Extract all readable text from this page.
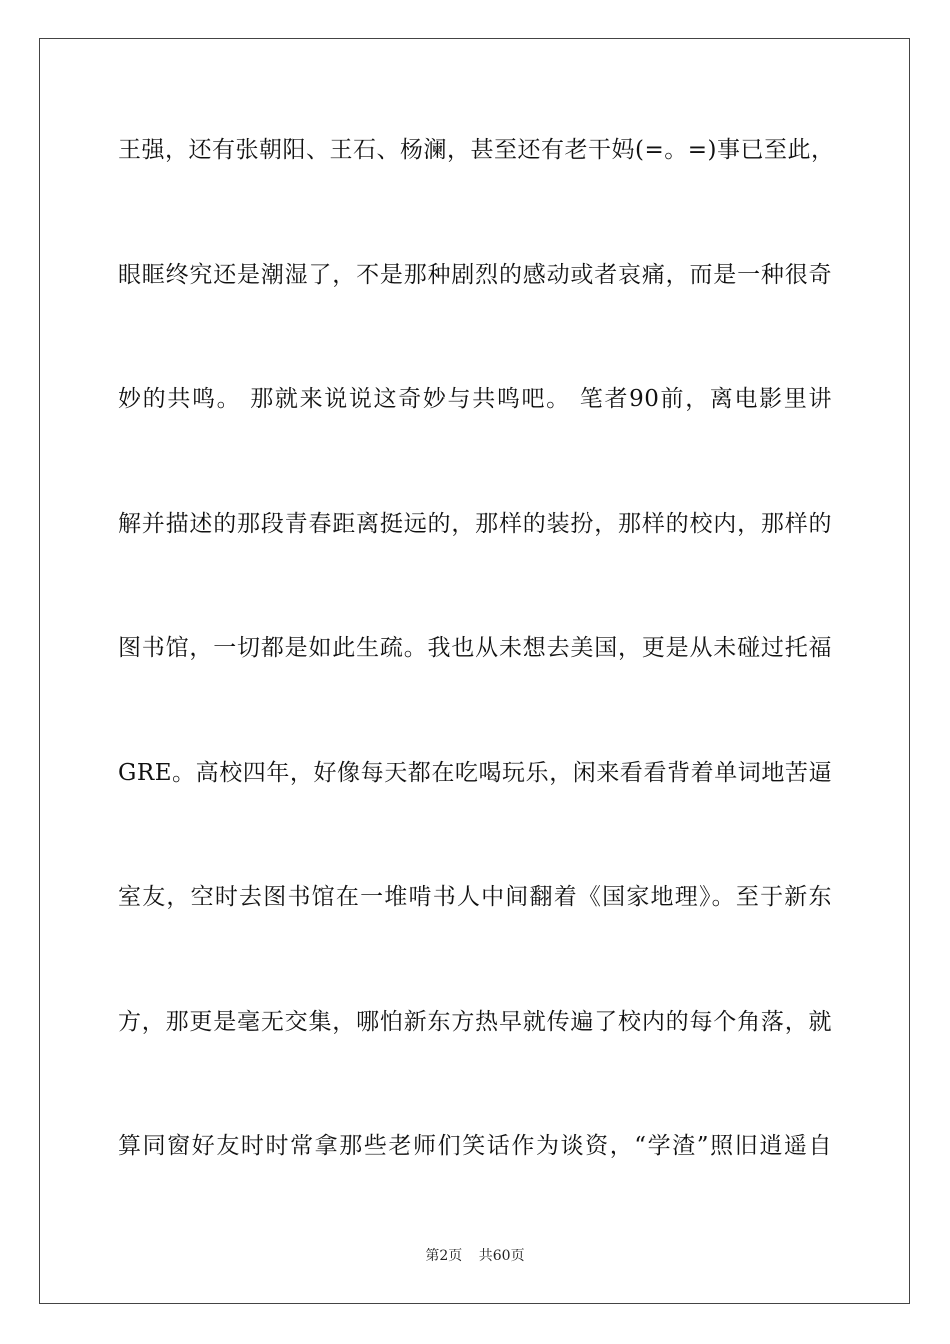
王强，还有张朝阳、王石、杨澜，甚至还有老干妈(=。=)事已至此，
眼眶终究还是潮湿了，不是那种剧烈的感动或者哀痛，而是一种很奇
妙的共鸣。 那就来说说这奇妙与共鸣吧。 笔者90前，离电影里讲
解并描述的那段青春距离挺远的，那样的装扮，那样的校内，那样的
图书馆，一切都是如此生疏。我也从未想去美国，更是从未碰过托福
GRE。高校四年，好像每天都在吃喝玩乐，闲来看看背着单词地苦逼
室友，空时去图书馆在一堆啃书人中间翻着《国家地理》。至于新东
方，那更是毫无交集，哪怕新东方热早就传遍了校内的每个角落，就
算同窗好友时时常拿那些老师们笑话作为谈资，“学渣”照旧逍遥自
第2页 共60页
